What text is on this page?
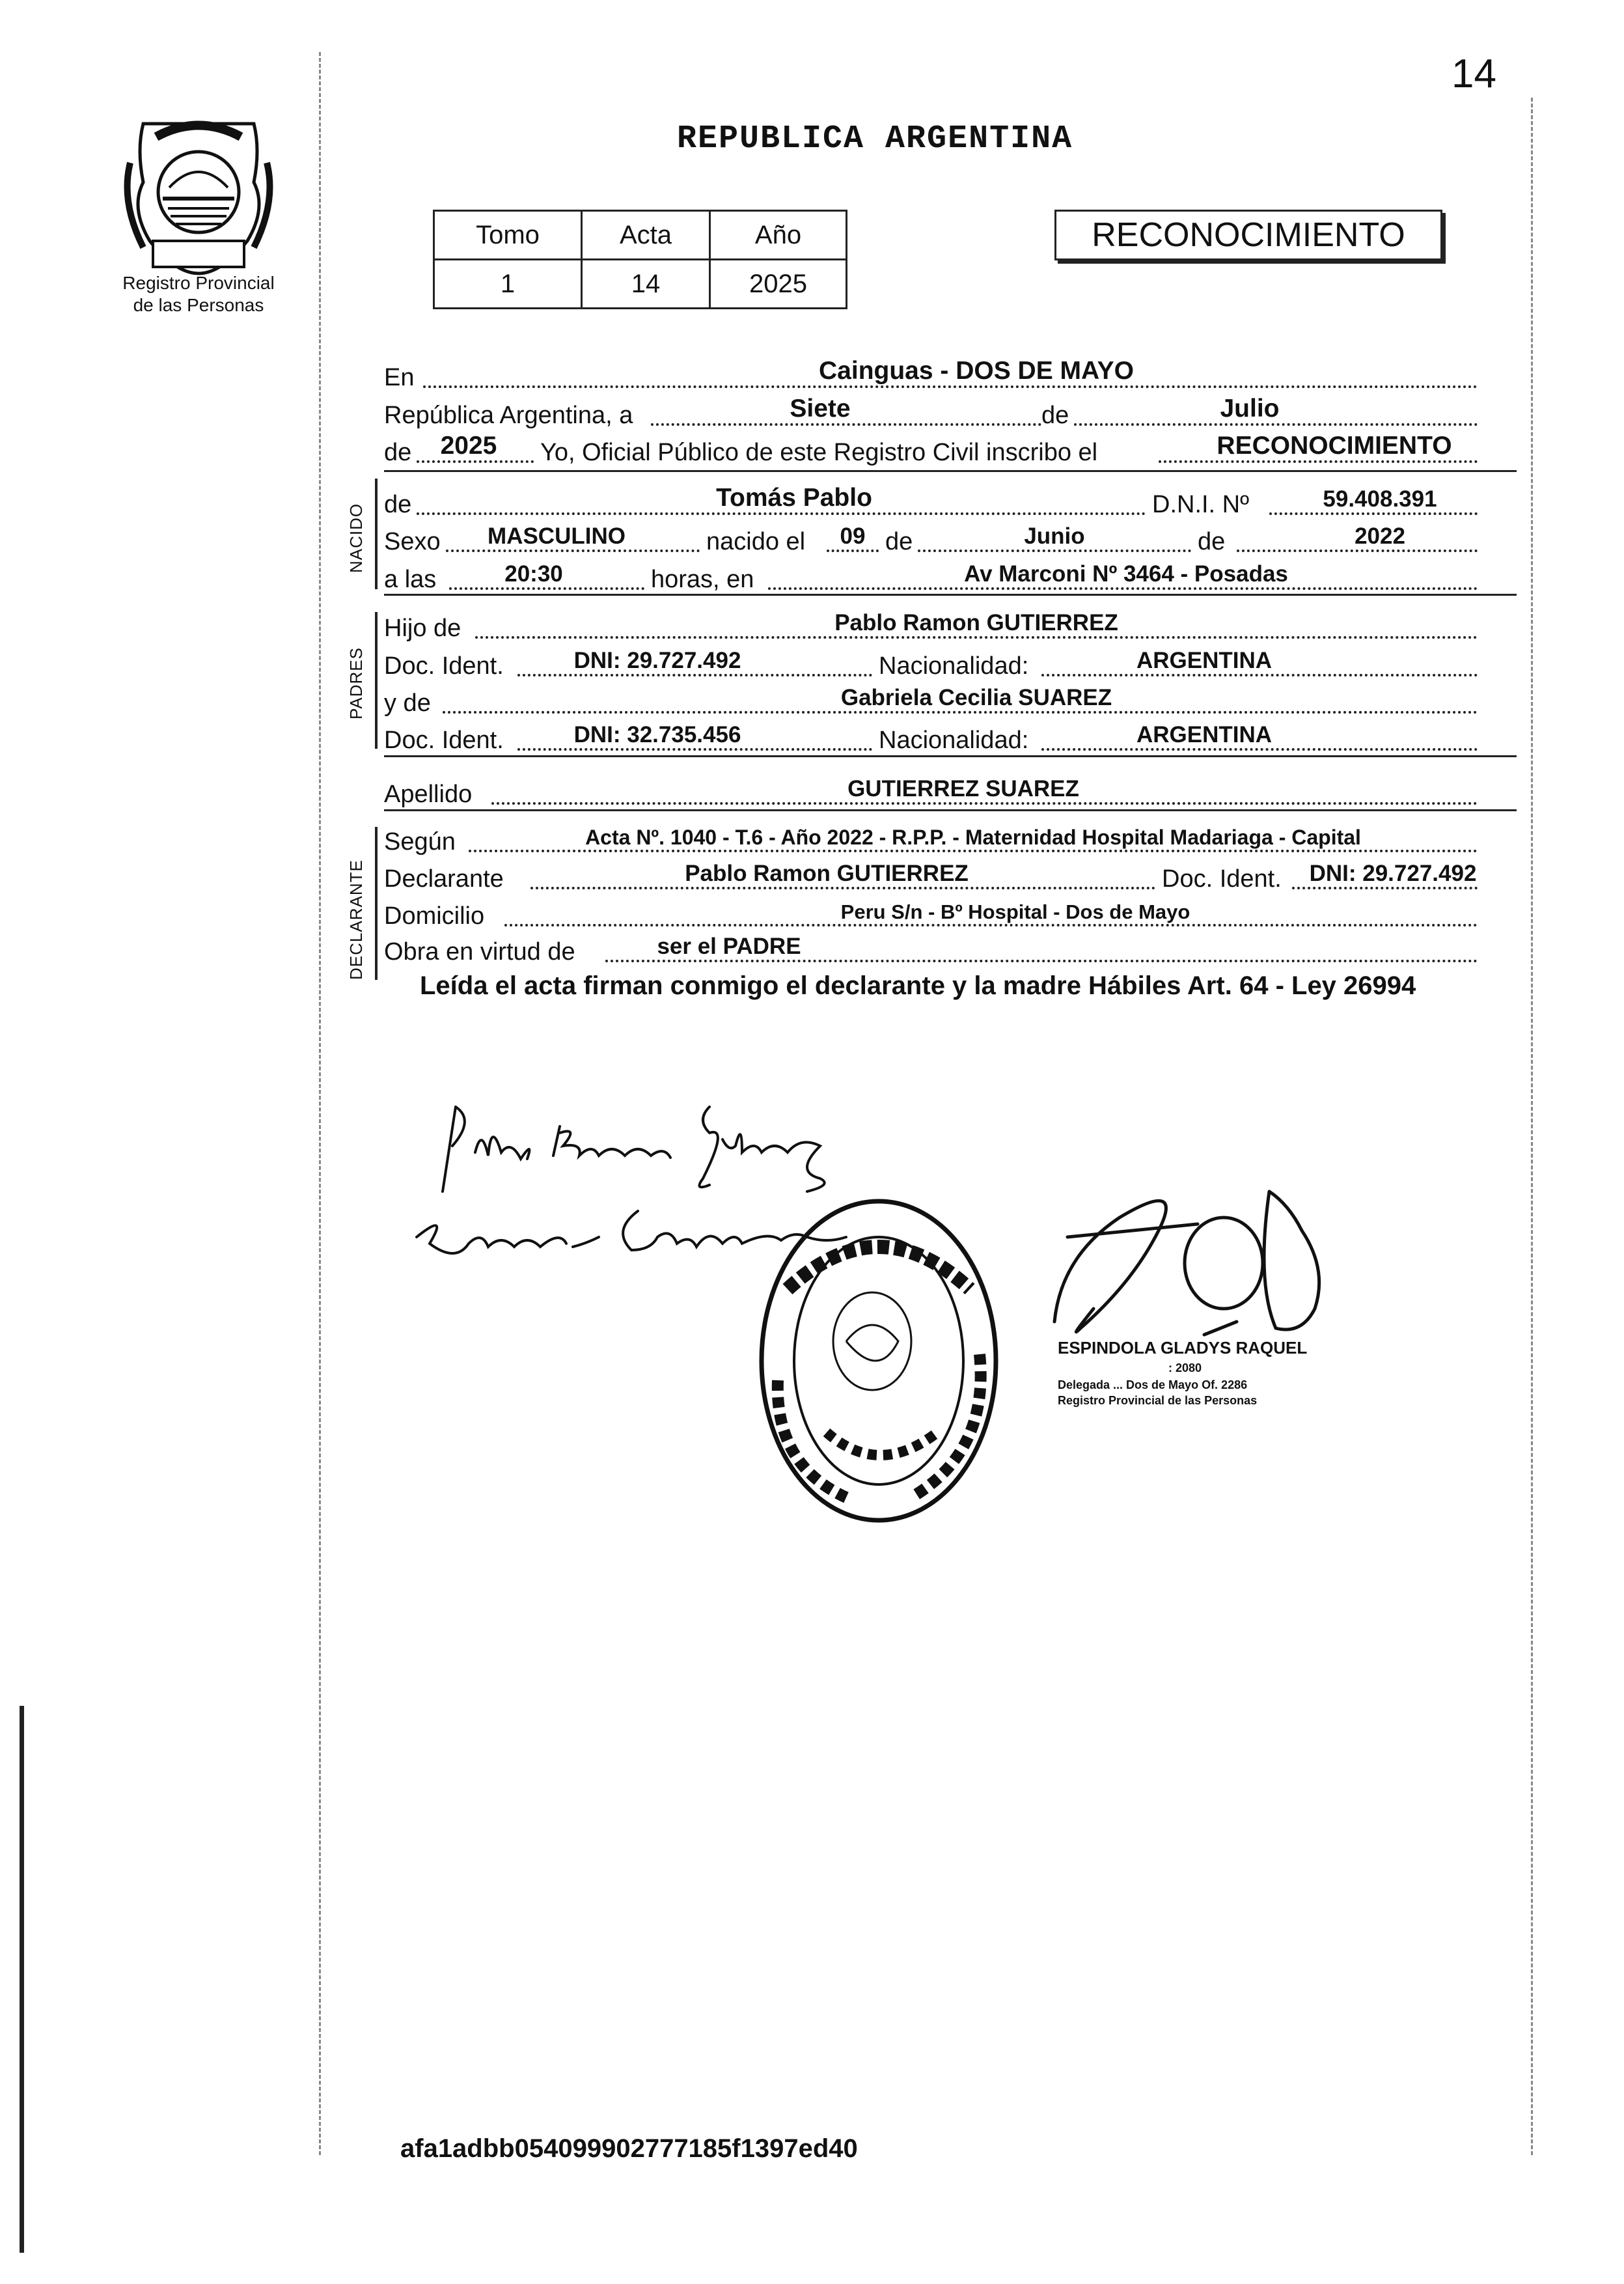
14
Registro Provincial
de las Personas
REPUBLICA ARGENTINA
Tomo	Acta	Año
1	14	2025
RECONOCIMIENTO
En	Cainguas - DOS DE MAYO
República Argentina, a	Siete	de	Julio
de	2025	Yo, Oficial Público de este Registro Civil inscribo el	RECONOCIMIENTO
NACIDO de	Tomás Pablo	D.N.I. Nº	59.408.391
Sexo	MASCULINO	nacido el	09 de	Junio	de	2022
a las	20:30	horas, en	Av Marconi Nº 3464 - Posadas
PADRES
Hijo de	Pablo Ramon GUTIERREZ
Doc. Ident.	DNI: 29.727.492	Nacionalidad:	ARGENTINA
y de	Gabriela Cecilia SUAREZ
Doc. Ident.	DNI: 32.735.456	Nacionalidad:	ARGENTINA
Apellido	GUTIERREZ SUAREZ
DECLARANTE
Según	Acta Nº. 1040 - T.6 - Año 2022 - R.P.P. - Maternidad Hospital Madariaga - Capital
Declarante	Pablo Ramon GUTIERREZ	Doc. Ident.	DNI: 29.727.492
Domicilio	Peru S/n - Bº Hospital - Dos de Mayo
Obra en virtud de	ser el PADRE
Leída el acta firman conmigo el declarante y la madre Hábiles Art. 64 - Ley 26994
ESPINDOLA GLADYS RAQUEL
: 2080
Delegada ... Dos de Mayo Of. 2286
Registro Provincial de las Personas
afa1adbb054099902777185f1397ed40
